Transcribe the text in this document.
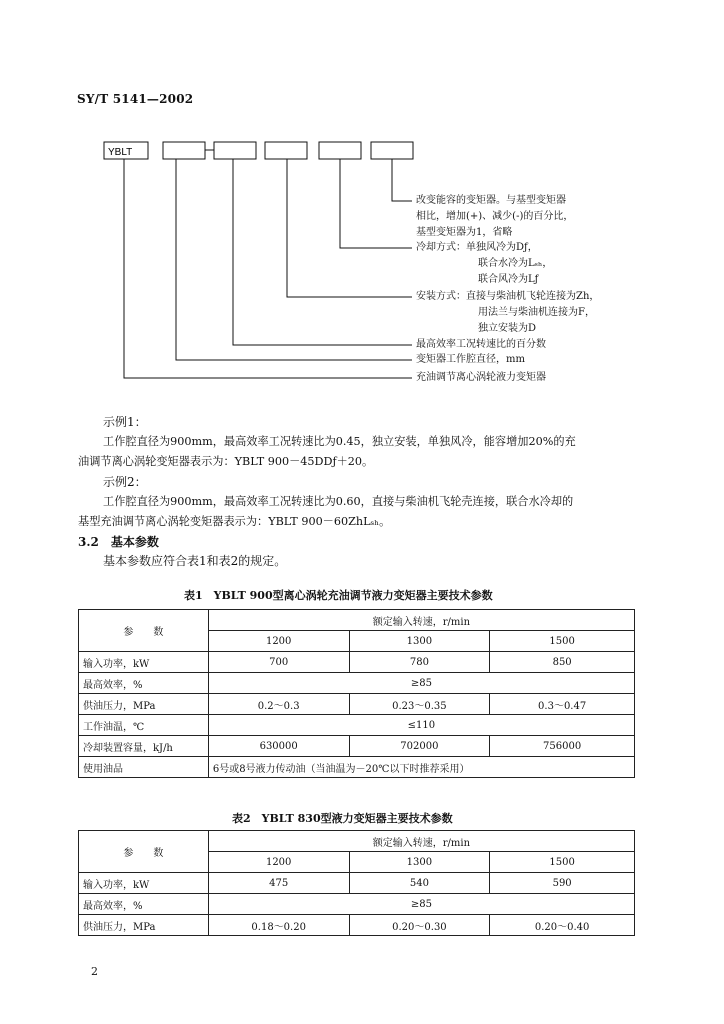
SY/T 5141—2002
YBLT
改变能容的变矩器。与基型变矩器
相比，增加(+)、减少(-)的百分比，
基型变矩器为1，省略
冷却方式：单独风冷为Dƒ，
联合水冷为Lₛₕ，
联合风冷为Lƒ
安装方式：直接与柴油机飞轮连接为Zh，
用法兰与柴油机连接为F，
独立安装为D
最高效率工况转速比的百分数
变矩器工作腔直径，mm
充油调节离心涡轮液力变矩器
示例1：
工作腔直径为900mm，最高效率工况转速比为0.45，独立安装，单独风冷，能容增加20%的充
油调节离心涡轮变矩器表示为：YBLT 900－45DDƒ＋20。
示例2：
工作腔直径为900mm，最高效率工况转速比为0.60，直接与柴油机飞轮壳连接，联合水冷却的
基型充油调节离心涡轮变矩器表示为：YBLT 900－60ZhLₛₕ。
3.2　基本参数
基本参数应符合表1和表2的规定。
表1　YBLT 900型离心涡轮充油调节液力变矩器主要技术参数
参　　数	额定输入转速，r/min		
	1200	1300	1500
输入功率，kW	700	780	850
最高效率，%	≥85		
供油压力，MPa	0.2～0.3	0.23～0.35	0.3～0.47
工作油温，℃	≤110		
冷却装置容量，kJ/h	630000	702000	756000
使用油品	6号或8号液力传动油（当油温为－20℃以下时推荐采用）		
表2　YBLT 830型液力变矩器主要技术参数
参　　数	额定输入转速，r/min		
	1200	1300	1500
输入功率，kW	475	540	590
最高效率，%	≥85		
供油压力，MPa	0.18～0.20	0.20～0.30	0.20～0.40
2
